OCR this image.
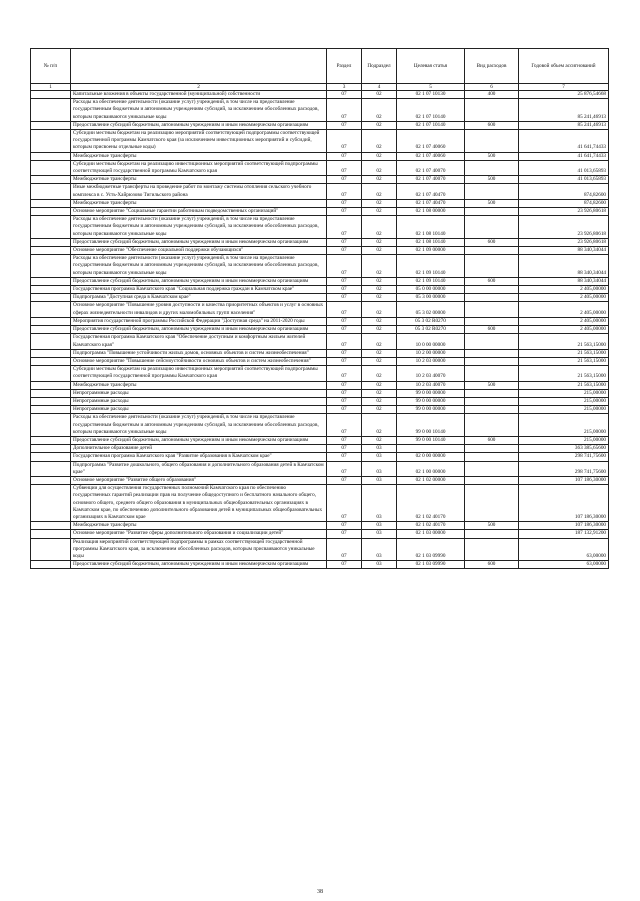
№ п/п		Раздел	Подраздел	Целевая статья	Вид расходов	Годовой объем ассигнований
1	2	3	4	5	6	7
	Капитальные вложения в объекты государственной (муниципальной) собственности	07	02	02 1 07 10130	400	25 876,54668
	Расходы на обеспечение деятельности (оказание услуг) учреждений, в том числе на предоставление государственным бюджетным и автономным учреждениям субсидий, за исключением обособленных расходов, которым присваиваются уникальные коды	07	02	02 1 07 10140		85 241,46913
	Предоставление субсидий бюджетным, автономным учреждениям и иным некоммерческим организациям	07	02	02 1 07 10140	600	85 241,46913
	Субсидии местным бюджетам на реализацию мероприятий соответствующей подпрограммы соответствующей государственной программы Камчатского края (за исключением инвестиционных мероприятий и субсидий, которым присвоены отдельные коды)	07	02	02 1 07 40060		41 641,74433
	Межбюджетные трансферты	07	02	02 1 07 40060	500	41 641,74433
	Субсидии местным бюджетам на реализацию инвестиционных мероприятий соответствующей подпрограммы соответствующей государственной программы Камчатского края	07	02	02 1 07 40070		41 013,65893
	Межбюджетные трансферты	07	02	02 1 07 40070	500	41 013,65893
	Иные межбюджетные трансферты на проведение работ по монтажу системы отопления сельского учебного комплекса в с. Усть-Хайрюзово Тигильского района	07	02	02 1 07 40470		874,82600
	Межбюджетные трансферты	07	02	02 1 07 40470	500	874,82600
	Основное мероприятие "Социальные гарантии работникам подведомственных организаций"	07	02	02 1 08 00000		23 926,80618
	Расходы на обеспечение деятельности (оказание услуг) учреждений, в том числе на предоставление государственным бюджетным и автономным учреждениям субсидий, за исключением обособленных расходов, которым присваиваются уникальные коды	07	02	02 1 08 10140		23 926,80618
	Предоставление субсидий бюджетным, автономным учреждениям и иным некоммерческим организациям	07	02	02 1 08 10140	600	23 926,80618
	Основное мероприятие "Обеспечение социальной поддержки обучающихся"	07	02	02 1 09 00000		88 340,34044
	Расходы на обеспечение деятельности (оказание услуг) учреждений, в том числе на предоставление государственным бюджетным и автономным учреждениям субсидий, за исключением обособленных расходов, которым присваиваются уникальные коды	07	02	02 1 09 10140		88 340,34044
	Предоставление субсидий бюджетным, автономным учреждениям и иным некоммерческим организациям	07	02	02 1 09 10140	600	88 340,34044
	Государственная программа Камчатского края "Социальная поддержка граждан в Камчатском крае"	07	02	05 0 00 00000		2 405,00000
	Подпрограмма "Доступная среда в Камчатском крае"	07	02	05 3 00 00000		2 405,00000
	Основное мероприятие "Повышение уровня доступности и качества приоритетных объектов и услуг в основных сферах жизнедеятельности инвалидов и других маломобильных групп населения"	07	02	05 3 02 00000		2 405,00000
	Мероприятия государственной программы Российской Федерации "Доступная среда" на 2011-2020 годы	07	02	05 3 02 R0270		2 405,00000
	Предоставление субсидий бюджетным, автономным учреждениям и иным некоммерческим организациям	07	02	05 3 02 R0270	600	2 405,00000
	Государственная программа Камчатского края "Обеспечение доступным и комфортным жильем жителей Камчатского края"	07	02	10 0 00 00000		21 563,15000
	Подпрограмма "Повышение устойчивости жилых домов, основных объектов и систем жизнеобеспечения"	07	02	10 2 00 00000		21 563,15000
	Основное мероприятие "Повышение сейсмоустойчивости основных объектов и систем жизнеобеспечения"	07	02	10 2 03 00000		21 563,15000
	Субсидии местным бюджетам на реализацию инвестиционных мероприятий соответствующей подпрограммы соответствующей государственной программы Камчатского края	07	02	10 2 03 40070		21 563,15000
	Межбюджетные трансферты	07	02	10 2 03 40070	500	21 563,15000
	Непрограммные расходы	07	02	99 0 00 00000		215,00000
	Непрограммные расходы	07	02	99 0 00 00000		215,00000
	Непрограммные расходы	07	02	99 0 00 00000		215,00000
	Расходы на обеспечение деятельности (оказание услуг) учреждений, в том числе на предоставление государственным бюджетным и автономным учреждениям субсидий, за исключением обособленных расходов, которым присваиваются уникальные коды	07	02	99 0 00 10140		215,00000
	Предоставление субсидий бюджетным, автономным учреждениям и иным некоммерческим организациям	07	02	99 0 00 10140	600	215,00000
	Дополнительное образование детей	07	03			363 385,65600
	Государственная программа Камчатского края "Развитие образования в Камчатском крае"	07	03	02 0 00 00000		298 741,75600
	Подпрограмма "Развитие дошкольного, общего образования и дополнительного образования детей в Камчатском крае"	07	03	02 1 00 00000		298 741,75600
	Основное мероприятие "Развитие общего образования"	07	03	02 1 02 00000		107 186,30000
	Субвенции для осуществления государственных полномочий Камчатского края по обеспечению государственных гарантий реализации прав на получение общедоступного и бесплатного начального общего, основного общего, среднего общего образования в муниципальных общеобразовательных организациях в Камчатском крае, по обеспечению дополнительного образования детей в муниципальных общеобразовательных организациях в Камчатском крае	07	03	02 1 02 40170		107 186,30000
	Межбюджетные трансферты	07	03	02 1 02 40170	500	107 186,30000
	Основное мероприятие "Развитие сферы дополнительного образования и социализации детей"	07	03	02 1 03 00000		187 132,91200
	Реализация мероприятий соответствующей подпрограммы в рамках соответствующей государственной программы Камчатского края, за исключением обособленных расходов, которым присваиваются уникальные коды	07	03	02 1 03 09990		63,00000
	Предоставление субсидий бюджетным, автономным учреждениям и иным некоммерческим организациям	07	03	02 1 03 09990	600	63,00000
38
